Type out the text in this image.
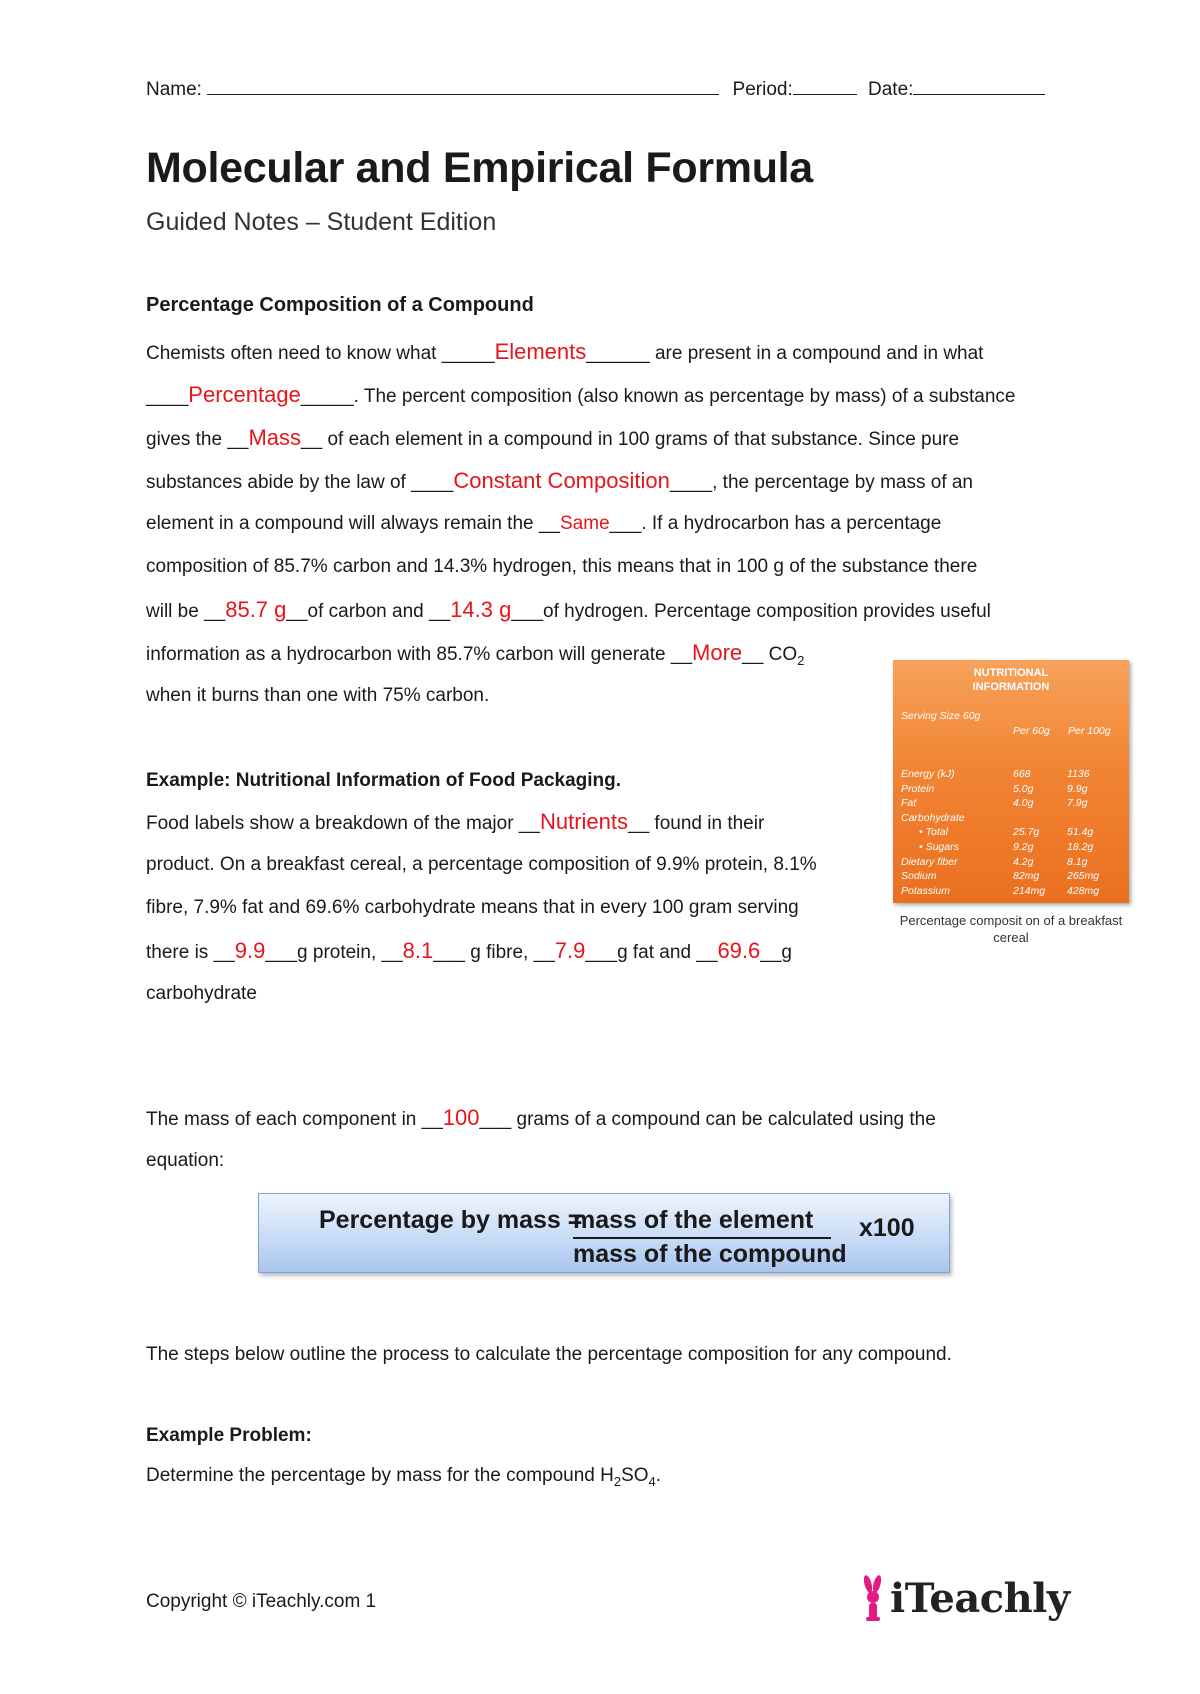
Name:	Period:	Date:
Molecular and Empirical Formula
Guided Notes – Student Edition
Percentage Composition of a Compound
Chemists often need to know what _____Elements______ are present in a compound and in what
____Percentage_____. The percent composition (also known as percentage by mass) of a substance
gives the __Mass__ of each element in a compound in 100 grams of that substance. Since pure
substances abide by the law of ____Constant Composition____, the percentage by mass of an
element in a compound will always remain the __Same___. If a hydrocarbon has a percentage
composition of 85.7% carbon and 14.3% hydrogen, this means that in 100 g of the substance there
will be __85.7 g__of carbon and __14.3 g___of hydrogen. Percentage composition provides useful
information as a hydrocarbon with 85.7% carbon will generate __More__ $CO_2$
when it burns than one with 75% carbon.
Example: Nutritional Information of Food Packaging.
Food labels show a breakdown of the major __Nutrients__ found in their
product. On a breakfast cereal, a percentage composition of 9.9% protein, 8.1%
fibre, 7.9% fat and 69.6% carbohydrate means that in every 100 gram serving
there is __9.9___g protein, __8.1___ g fibre, __7.9___g fat and __69.6__g
carbohydrate
NUTRITIONAL
INFORMATION
Serving Size 60g
Per 60g Per 100g
Energy (kJ)	668	1136
Protein	5.0g	9.9g
Fat	4.0g	7.9g
Carbohydrate
• Total	25.7g	51.4g
• Sugars	9.2g	18.2g
Dietary fiber	4.2g	8.1g
Sodium	82mg	265mg
Potassium	214mg 428mg
Percentage composit on of a breakfast cereal
The mass of each component in __100___ grams of a compound can be calculated using the
equation:
Percentage by mass =
mass of the element
mass of the compound
x100
The steps below outline the process to calculate the percentage composition for any compound.
Example Problem:
Determine the percentage by mass for the compound $H_2SO_4$.
Copyright © iTeachly.com 1	iTeachly
